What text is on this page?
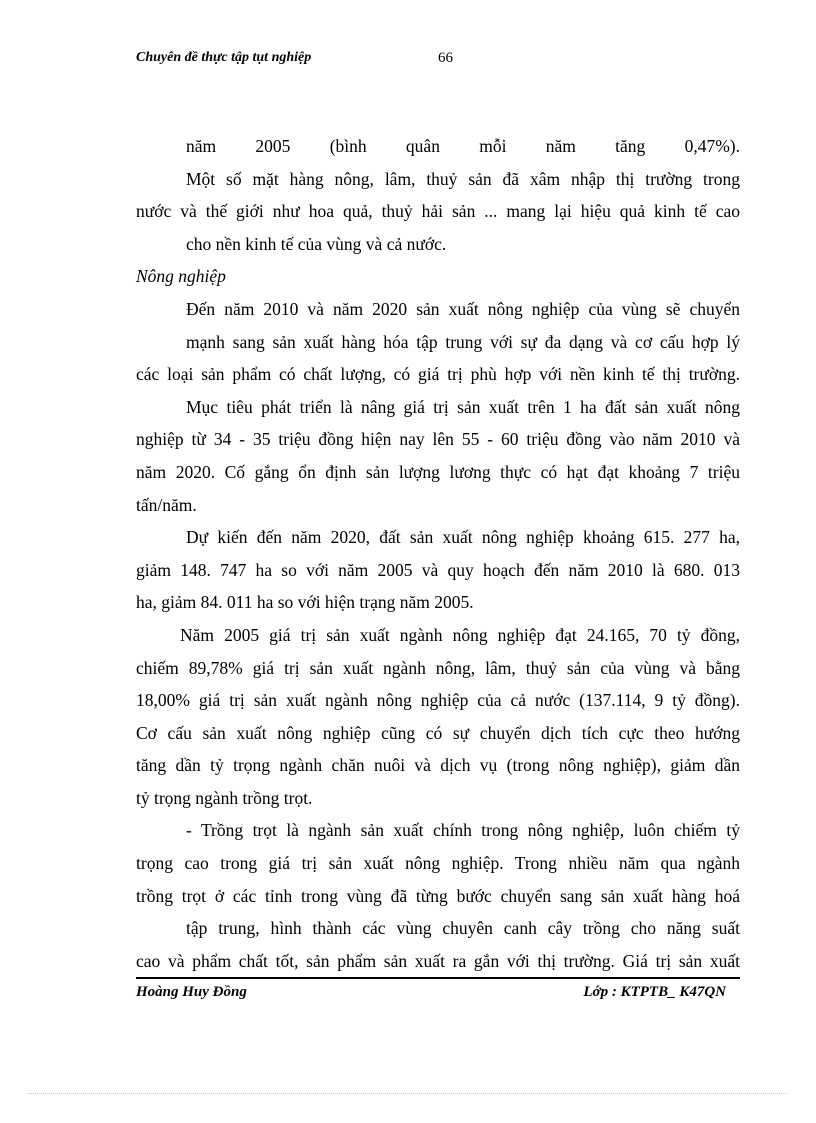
Chuyên đề thực tập tụt nghiệp	66
năm 2005 (bình quân mỗi năm tăng 0,47%).
Một số mặt hàng nông, lâm, thuỷ sản đã xâm nhập thị trường trong
nước và thế giới như hoa quả, thuỷ hải sản ... mang lại hiệu quả kinh tế cao
cho nền kinh tế của vùng và cả nước.
Nông nghiệp
Đến năm 2010 và năm 2020 sản xuất nông nghiệp của vùng sẽ chuyển
mạnh sang sản xuất hàng hóa tập trung với sự đa dạng và cơ cấu hợp lý
các loại sản phẩm có chất lượng, có giá trị phù hợp với nền kinh tế thị trường.
Mục tiêu phát triển là nâng giá trị sản xuất trên 1 ha đất sản xuất nông
nghiệp từ 34 - 35 triệu đồng hiện nay lên 55 - 60 triệu đồng vào năm 2010 và
năm 2020. Cố gắng ổn định sản lượng lương thực có hạt đạt khoảng 7 triệu
tấn/năm.
Dự kiến đến năm 2020, đất sản xuất nông nghiệp khoảng 615. 277 ha,
giảm 148. 747 ha so với năm 2005 và quy hoạch đến năm 2010 là 680. 013
ha, giảm 84. 011 ha so với hiện trạng năm 2005.
Năm 2005 giá trị sản xuất ngành nông nghiệp đạt 24.165, 70 tỷ đồng,
chiếm 89,78% giá trị sản xuất ngành nông, lâm, thuỷ sản của vùng và bằng
18,00% giá trị sản xuất ngành nông nghiệp của cả nước (137.114, 9 tỷ đồng).
Cơ cấu sản xuất nông nghiệp cũng có sự chuyển dịch tích cực theo hướng
tăng dần tỷ trọng ngành chăn nuôi và dịch vụ (trong nông nghiệp), giảm dần
tỷ trọng ngành trồng trọt.
- Trồng trọt là ngành sản xuất chính trong nông nghiệp, luôn chiếm tỷ
trọng cao trong giá trị sản xuất nông nghiệp. Trong nhiều năm qua ngành
trồng trọt ở các tỉnh trong vùng đã từng bước chuyển sang sản xuất hàng hoá
tập trung, hình thành các vùng chuyên canh cây trồng cho năng suất
cao và phẩm chất tốt, sản phẩm sản xuất ra gắn với thị trường. Giá trị sản xuất
Hoàng Huy Đồng	Lớp : KTPTB_ K47QN
